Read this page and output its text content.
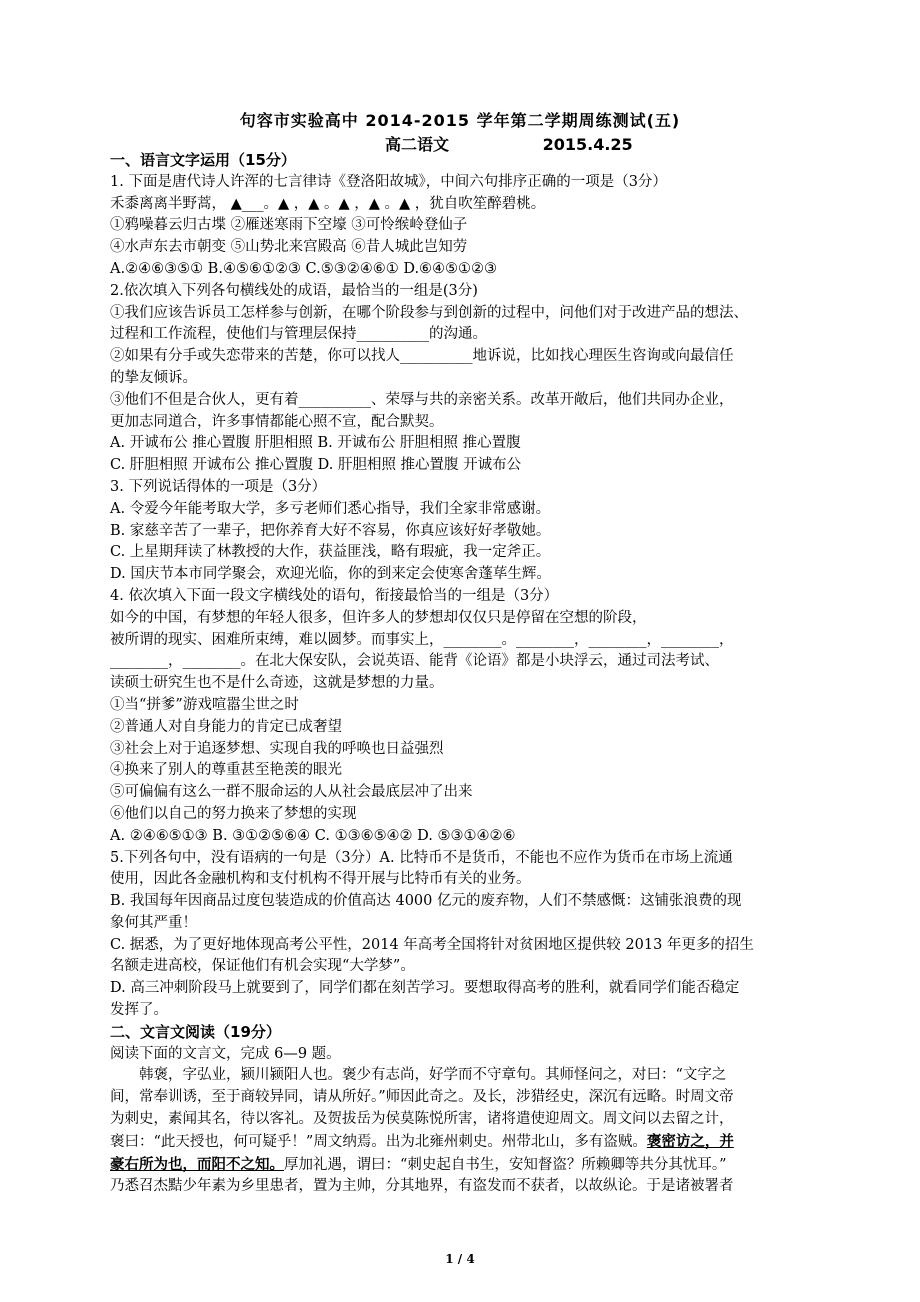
句容市实验高中 2014-2015 学年第二学期周练测试(五)
高二语文	2015.4.25
一、语言文字运用（15分）
1. 下面是唐代诗人许浑的七言律诗《登洛阳故城》，中间六句排序正确的一项是（3分）
禾黍离离半野蒿， ▲___。▲ ，▲ 。▲ ，▲ 。▲ ，犹自吹笙醉碧桃。
①鸦噪暮云归古堞 ②雁迷寒雨下空壕 ③可怜缑岭登仙子
④水声东去市朝变 ⑤山势北来宫殿高 ⑥昔人城此岂知劳
A.②④⑥③⑤① B.④⑤⑥①②③ C.⑤③②④⑥① D.⑥④⑤①②③
2.依次填入下列各句横线处的成语，最恰当的一组是(3分)
①我们应该告诉员工怎样参与创新，在哪个阶段参与到创新的过程中，问他们对于改进产品的想法、
过程和工作流程，使他们与管理层保持__________的沟通。
②如果有分手或失恋带来的苦楚，你可以找人__________地诉说，比如找心理医生咨询或向最信任
的挚友倾诉。
③他们不但是合伙人，更有着__________、荣辱与共的亲密关系。改革开敞后，他们共同办企业，
更加志同道合，许多事情都能心照不宣，配合默契。
A. 开诚布公 推心置腹 肝胆相照 B. 开诚布公 肝胆相照 推心置腹
C. 肝胆相照 开诚布公 推心置腹 D. 肝胆相照 推心置腹 开诚布公
3. 下列说话得体的一项是（3分）
A. 令爱今年能考取大学，多亏老师们悉心指导，我们全家非常感谢。
B. 家慈辛苦了一辈子，把你养育大好不容易，你真应该好好孝敬她。
C. 上星期拜读了林教授的大作，获益匪浅，略有瑕疵，我一定斧正。
D. 国庆节本市同学聚会，欢迎光临，你的到来定会使寒舍蓬荜生辉。
4. 依次填入下面一段文字横线处的语句，衔接最恰当的一组是（3分）
如今的中国，有梦想的年轻人很多，但许多人的梦想却仅仅只是停留在空想的阶段，
被所谓的现实、困难所束缚，难以圆梦。而事实上，________。________，________，________，
________，________。在北大保安队，会说英语、能背《论语》都是小块浮云，通过司法考试、
读硕士研究生也不是什么奇迹，这就是梦想的力量。
①当“拼爹”游戏喧嚣尘世之时
②普通人对自身能力的肯定已成奢望
③社会上对于追逐梦想、实现自我的呼唤也日益强烈
④换来了别人的尊重甚至艳羡的眼光
⑤可偏偏有这么一群不服命运的人从社会最底层冲了出来
⑥他们以自己的努力换来了梦想的实现
A. ②④⑥⑤①③ B. ③①②⑤⑥④ C. ①③⑥⑤④② D. ⑤③①④②⑥
5.下列各句中，没有语病的一句是（3分）A. 比特币不是货币，不能也不应作为货币在市场上流通
使用，因此各金融机构和支付机构不得开展与比特币有关的业务。
B. 我国每年因商品过度包装造成的价值高达 4000 亿元的废弃物，人们不禁感慨：这铺张浪费的现
象何其严重！
C. 据悉，为了更好地体现高考公平性，2014 年高考全国将针对贫困地区提供较 2013 年更多的招生
名额走进高校，保证他们有机会实现“大学梦”。
D. 高三冲刺阶段马上就要到了，同学们都在刻苦学习。要想取得高考的胜利，就看同学们能否稳定
发挥了。
二、文言文阅读（19分）
阅读下面的文言文，完成 6—9 题。
韩褒，字弘业，颍川颍阳人也。褒少有志尚，好学而不守章句。其师怪问之，对曰：“文字之
间，常奉训诱，至于商较异同，请从所好。”师因此奇之。及长，涉猎经史，深沉有远略。时周文帝
为刺史，素闻其名，待以客礼。及贺拔岳为侯莫陈悦所害，诸将遣使迎周文。周文问以去留之计，
褒曰：“此天授也，何可疑乎！”周文纳焉。出为北雍州刺史。州带北山，多有盗贼。褒密访之，并
豪右所为也，而阳不之知。厚加礼遇，谓曰：“刺史起自书生，安知督盗？所赖卿等共分其忧耳。”
乃悉召杰黠少年素为乡里患者，置为主帅，分其地界，有盗发而不获者，以故纵论。于是诸被署者
1 / 4
